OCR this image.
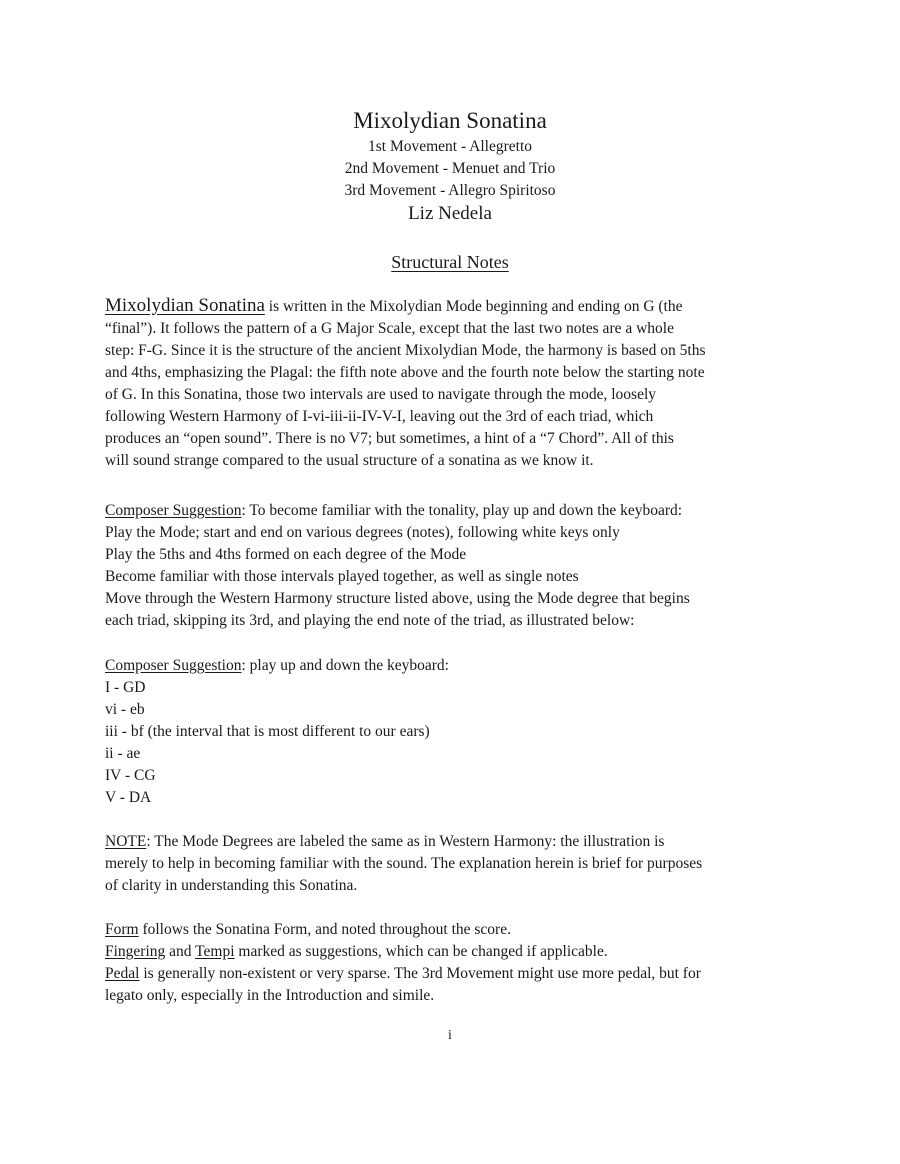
Mixolydian Sonatina

1st Movement - Allegretto

2nd Movement - Menuet and Trio

3rd Movement - Allegro Spiritoso

Liz Nedela

Structural Notes

Mixolydian Sonatina is written in the Mixolydian Mode beginning and ending on G (the

“final”). It follows the pattern of a G Major Scale, except that the last two notes are a whole

step: F-G. Since it is the structure of the ancient Mixolydian Mode, the harmony is based on 5ths

and 4ths, emphasizing the Plagal: the fifth note above and the fourth note below the starting note

of G. In this Sonatina, those two intervals are used to navigate through the mode, loosely

following Western Harmony of I-vi-iii-ii-IV-V-I, leaving out the 3rd of each triad, which

produces an “open sound”. There is no V7; but sometimes, a hint of a “7 Chord”. All of this

will sound strange compared to the usual structure of a sonatina as we know it.

Composer Suggestion: To become familiar with the tonality, play up and down the keyboard:

Play the Mode; start and end on various degrees (notes), following white keys only

Play the 5ths and 4ths formed on each degree of the Mode

Become familiar with those intervals played together, as well as single notes

Move through the Western Harmony structure listed above, using the Mode degree that begins

each triad, skipping its 3rd, and playing the end note of the triad, as illustrated below:

Composer Suggestion: play up and down the keyboard:

I - GD

vi - eb

iii - bf (the interval that is most different to our ears)

ii - ae

IV - CG

V - DA

NOTE: The Mode Degrees are labeled the same as in Western Harmony: the illustration is

merely to help in becoming familiar with the sound. The explanation herein is brief for purposes

of clarity in understanding this Sonatina.

Form follows the Sonatina Form, and noted throughout the score.

Fingering and Tempi marked as suggestions, which can be changed if applicable.

Pedal is generally non-existent or very sparse. The 3rd Movement might use more pedal, but for

legato only, especially in the Introduction and simile.

i
